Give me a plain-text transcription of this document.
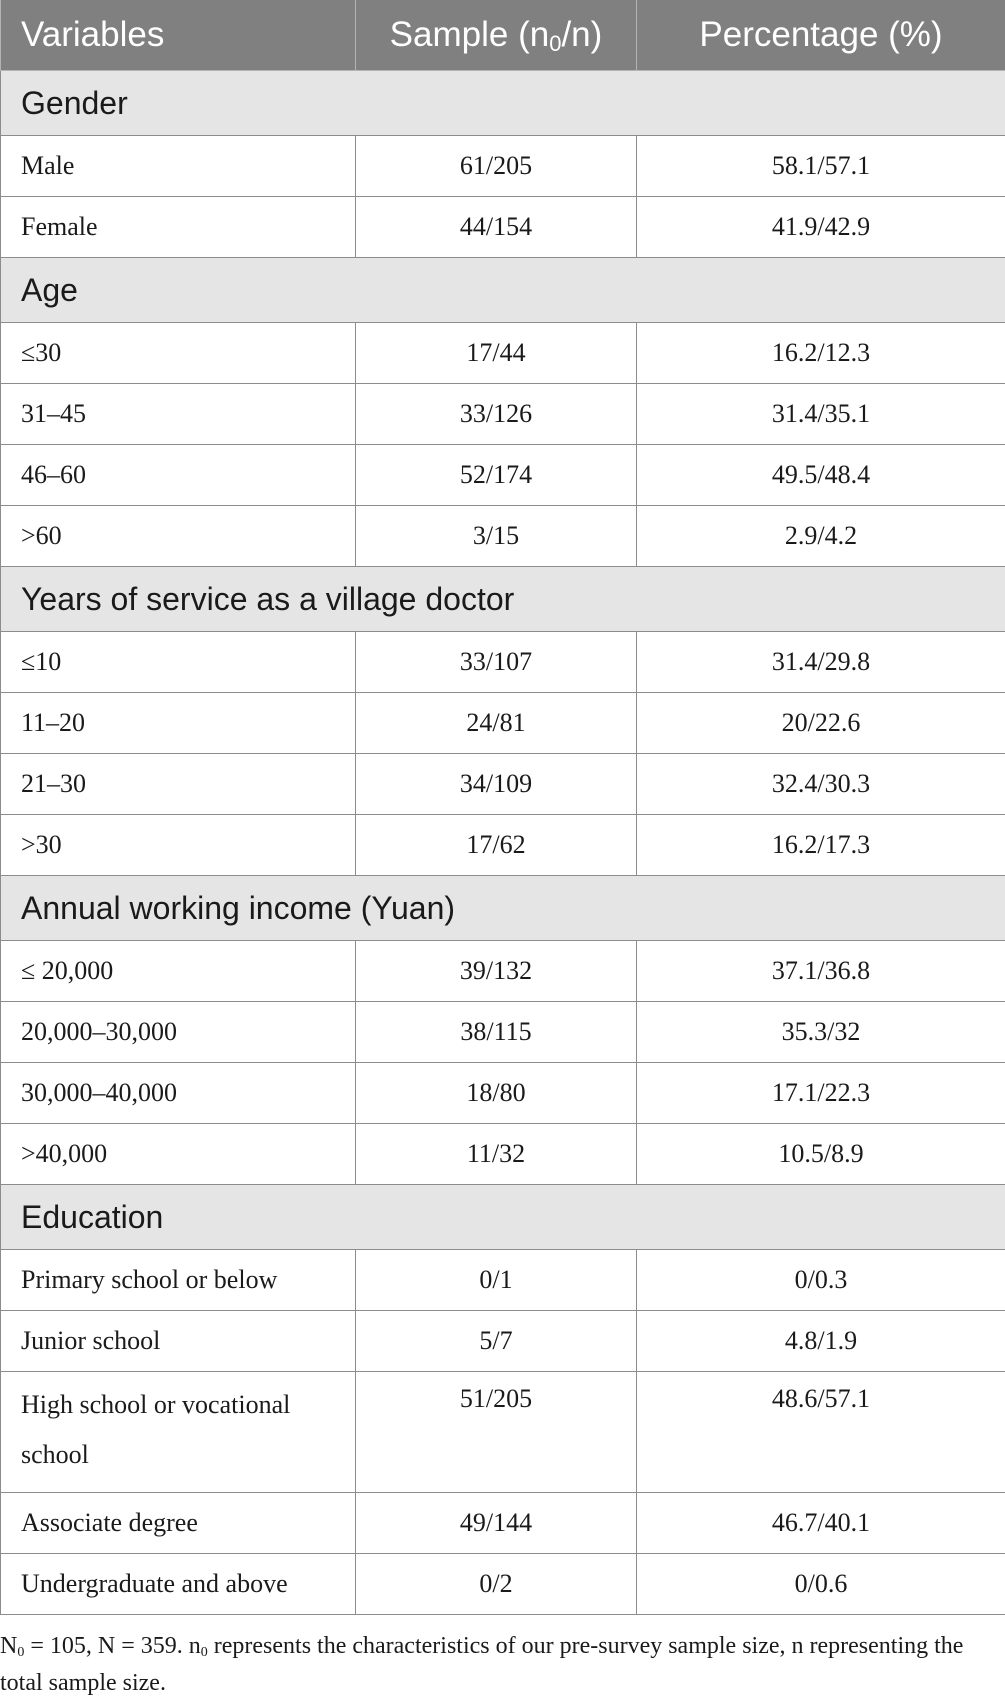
Variables	Sample $(n_0/n)$	Percentage (%)
Gender		
Male	61/205	58.1/57.1
Female	44/154	41.9/42.9
Age		
≤30	17/44	16.2/12.3
31–45	33/126	31.4/35.1
46–60	52/174	49.5/48.4
>60	3/15	2.9/4.2
Years of service as a village doctor		
≤10	33/107	31.4/29.8
11–20	24/81	20/22.6
21–30	34/109	32.4/30.3
>30	17/62	16.2/17.3
Annual working income (Yuan)		
≤ 20,000	39/132	37.1/36.8
20,000–30,000	38/115	35.3/32
30,000–40,000	18/80	17.1/22.3
>40,000	11/32	10.5/8.9
Education		
Primary school or below	0/1	0/0.3
Junior school	5/7	4.8/1.9
High school or vocational school	51/205	48.6/57.1
Associate degree	49/144	46.7/40.1
Undergraduate and above	0/2	0/0.6

$N_0 = 105$, N = 359. $n_0$ represents the characteristics of our pre-survey sample size, n representing the total sample size.
